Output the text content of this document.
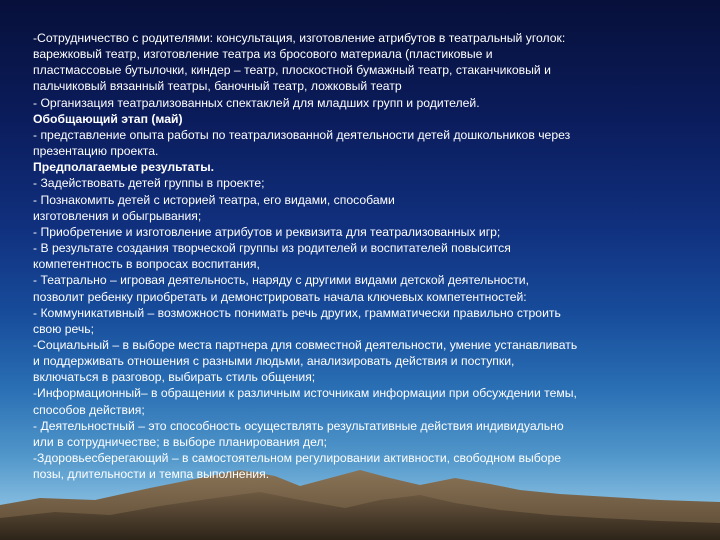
-Сотрудничество с родителями: консультация, изготовление атрибутов в театральный уголок:
варежковый театр, изготовление театра из бросового материала (пластиковые и
пластмассовые бутылочки, киндер – театр, плоскостной бумажный театр, стаканчиковый и
пальчиковый вязанный театры, баночный театр, ложковый театр
- Организация театрализованных спектаклей для младших групп и родителей.
Обобщающий этап (май)
- представление опыта работы по театрализованной деятельности детей дошкольников через
презентацию проекта.
Предполагаемые результаты.
- Задействовать детей группы в проекте;
- Познакомить детей с историей театра, его видами, способами
изготовления и обыгрывания;
- Приобретение и изготовление атрибутов и реквизита для театрализованных игр;
- В результате создания творческой группы из родителей и воспитателей повысится
компетентность в вопросах воспитания,
- Театрально – игровая деятельность, наряду с другими видами детской деятельности,
позволит ребенку приобретать и демонстрировать начала ключевых компетентностей:
- Коммуникативный – возможность понимать речь других, грамматически правильно строить
свою речь;
-Социальный – в выборе места партнера для совместной деятельности, умение устанавливать
и поддерживать отношения с разными людьми, анализировать действия и поступки,
включаться в разговор, выбирать стиль общения;
-Информационный– в обращении к различным источникам информации при обсуждении темы,
способов действия;
- Деятельностный – это способность осуществлять результативные действия индивидуально
или в сотрудничестве; в выборе планирования дел;
-Здоровьесберегающий – в самостоятельном регулировании активности, свободном выборе
позы, длительности и темпа выполнения.
